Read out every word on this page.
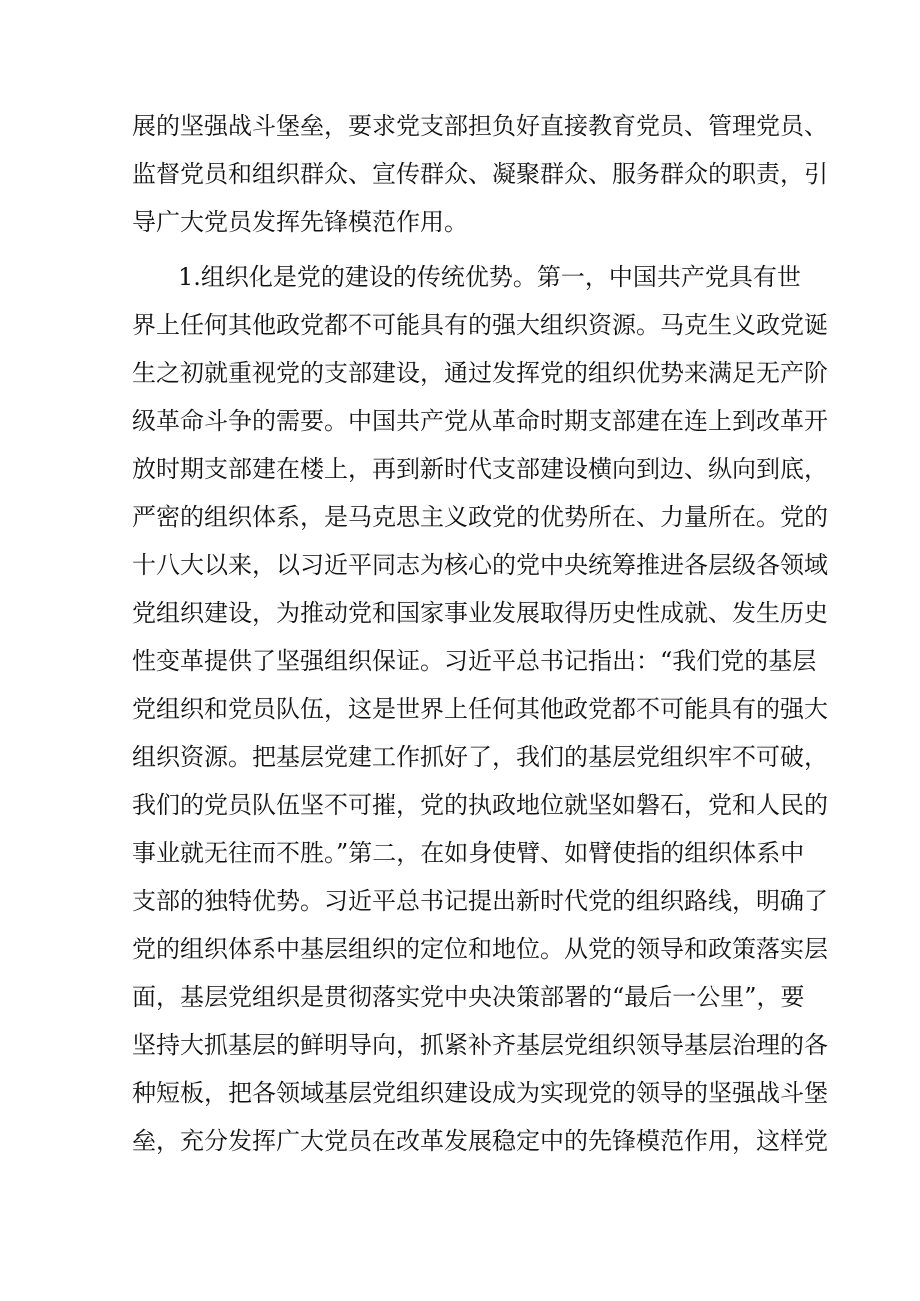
展的坚强战斗堡垒，要求党支部担负好直接教育党员、管理党员、
监督党员和组织群众、宣传群众、凝聚群众、服务群众的职责，引
导广大党员发挥先锋模范作用。
1.组织化是党的建设的传统优势。第一，中国共产党具有世
界上任何其他政党都不可能具有的强大组织资源。马克生义政党诞
生之初就重视党的支部建设，通过发挥党的组织优势来满足无产阶
级革命斗争的需要。中国共产党从革命时期支部建在连上到改革开
放时期支部建在楼上，再到新时代支部建设横向到边、纵向到底，
严密的组织体系，是马克思主义政党的优势所在、力量所在。党的
十八大以来，以习近平同志为核心的党中央统筹推进各层级各领域
党组织建设，为推动党和国家事业发展取得历史性成就、发生历史
性变革提供了坚强组织保证。习近平总书记指出：“我们党的基层
党组织和党员队伍，这是世界上任何其他政党都不可能具有的强大
组织资源。把基层党建工作抓好了，我们的基层党组织牢不可破，
我们的党员队伍坚不可摧，党的执政地位就坚如磐石，党和人民的
事业就无往而不胜。”第二，在如身使臂、如臂使指的组织体系中
支部的独特优势。习近平总书记提出新时代党的组织路线，明确了
党的组织体系中基层组织的定位和地位。从党的领导和政策落实层
面，基层党组织是贯彻落实党中央决策部署的“最后一公里”，要
坚持大抓基层的鲜明导向，抓紧补齐基层党组织领导基层治理的各
种短板，把各领域基层党组织建设成为实现党的领导的坚强战斗堡
垒，充分发挥广大党员在改革发展稳定中的先锋模范作用，这样党
